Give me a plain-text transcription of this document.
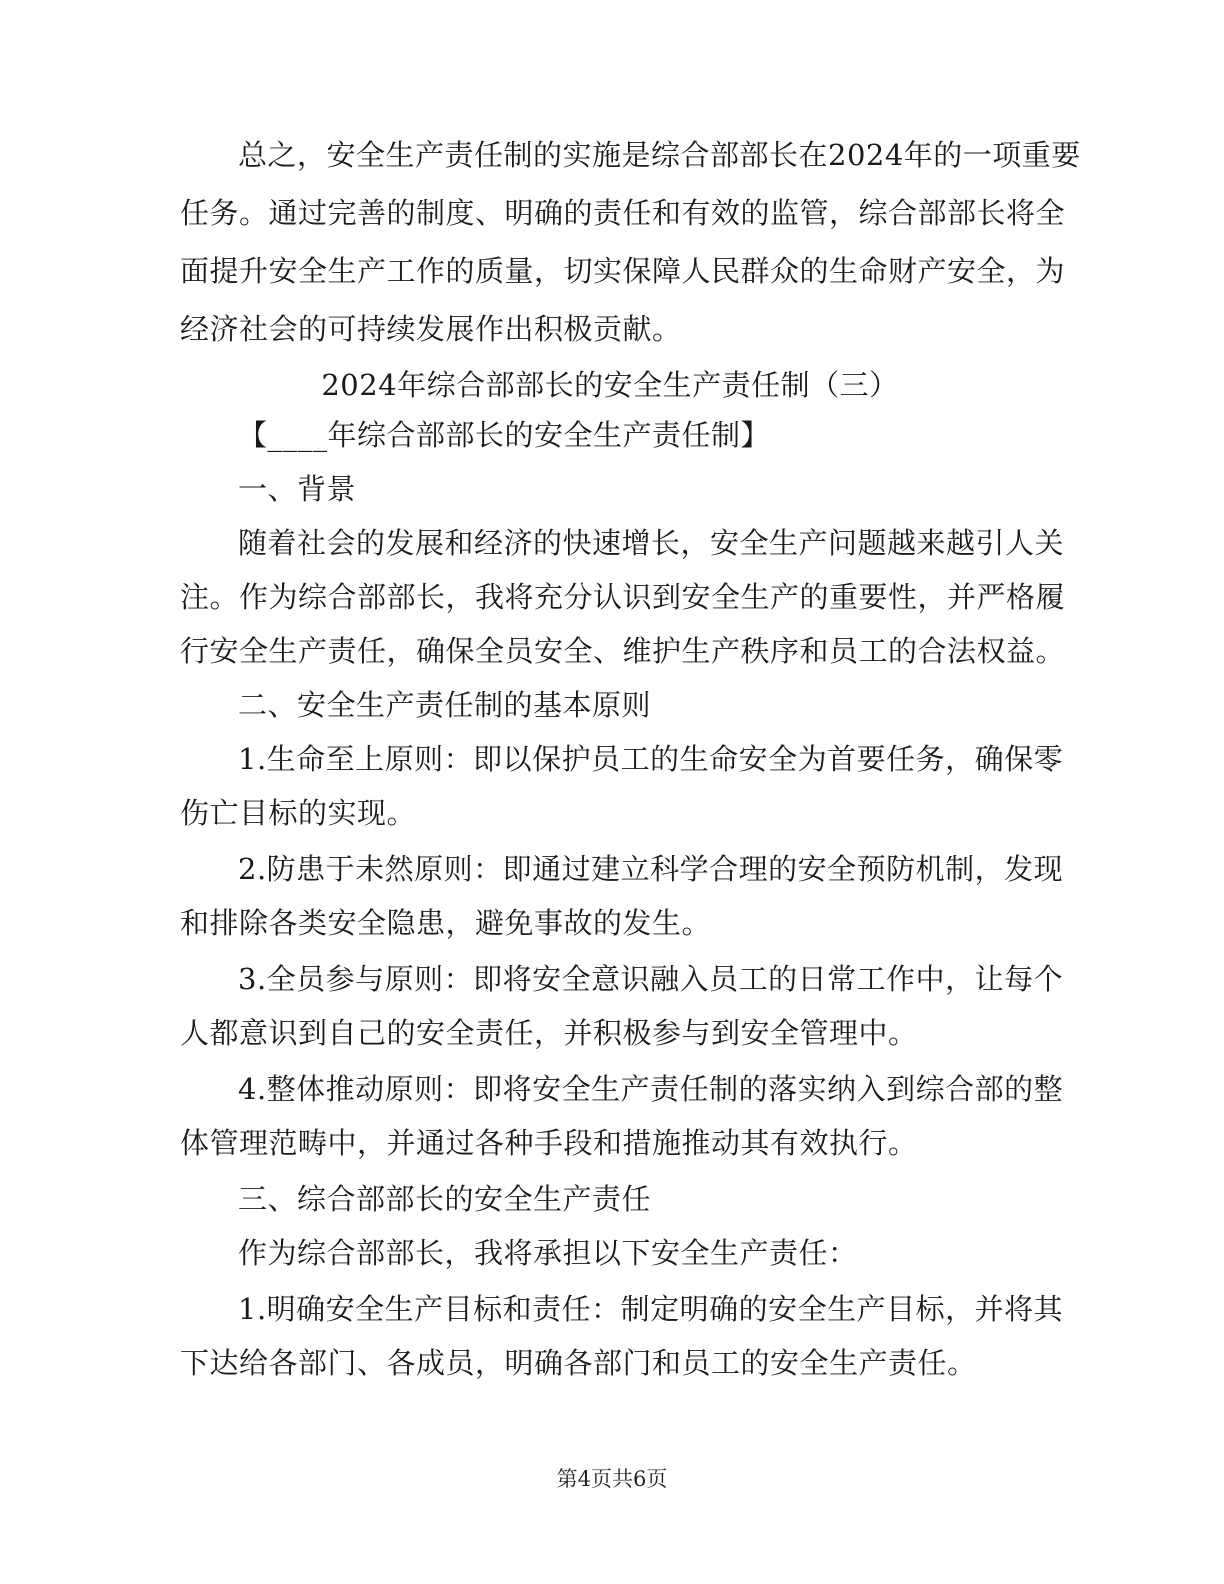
总之，安全生产责任制的实施是综合部部长在2024年的一项重要
任务。通过完善的制度、明确的责任和有效的监管，综合部部长将全
面提升安全生产工作的质量，切实保障人民群众的生命财产安全，为
经济社会的可持续发展作出积极贡献。
2024年综合部部长的安全生产责任制（三）
【____年综合部部长的安全生产责任制】
一、背景
随着社会的发展和经济的快速增长，安全生产问题越来越引人关
注。作为综合部部长，我将充分认识到安全生产的重要性，并严格履
行安全生产责任，确保全员安全、维护生产秩序和员工的合法权益。
二、安全生产责任制的基本原则
1.生命至上原则：即以保护员工的生命安全为首要任务，确保零
伤亡目标的实现。
2.防患于未然原则：即通过建立科学合理的安全预防机制，发现
和排除各类安全隐患，避免事故的发生。
3.全员参与原则：即将安全意识融入员工的日常工作中，让每个
人都意识到自己的安全责任，并积极参与到安全管理中。
4.整体推动原则：即将安全生产责任制的落实纳入到综合部的整
体管理范畴中，并通过各种手段和措施推动其有效执行。
三、综合部部长的安全生产责任
作为综合部部长，我将承担以下安全生产责任：
1.明确安全生产目标和责任：制定明确的安全生产目标，并将其
下达给各部门、各成员，明确各部门和员工的安全生产责任。
第4页共6页
